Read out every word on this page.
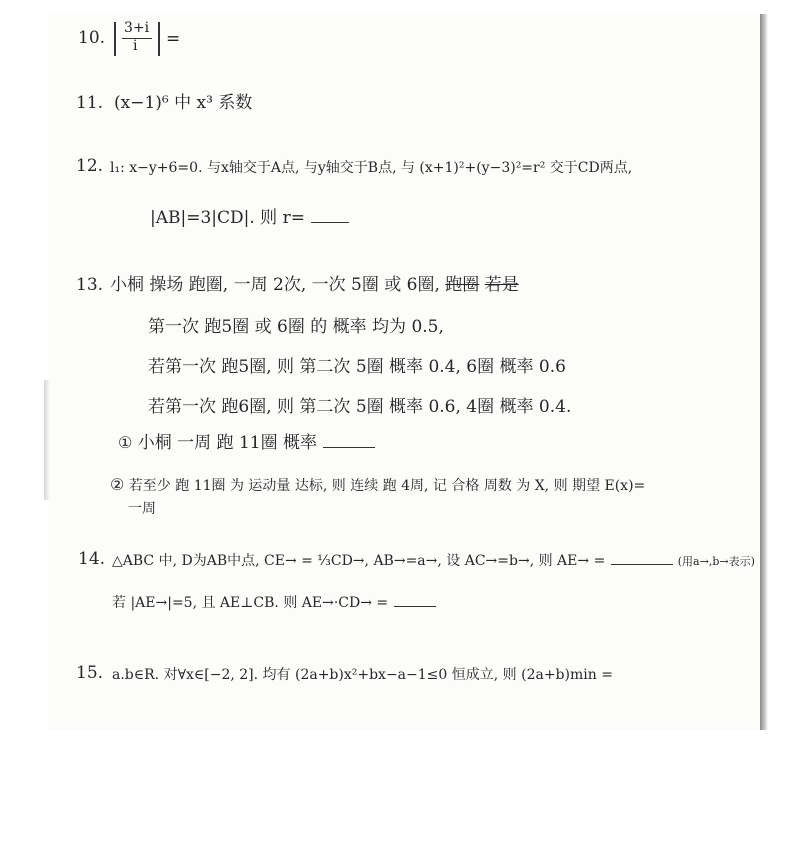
10. 3+i
i =
11. (x−1)⁶ 中 x³ 系数
12. l₁: x−y+6=0. 与x轴交于A点, 与y轴交于B点, 与 (x+1)²+(y−3)²=r² 交于CD两点,
|AB|=3|CD|. 则 r=
13. 小桐 操场 跑圈, 一周 2次, 一次 5圈 或 6圈, 跑圈 若是
第一次 跑5圈 或 6圈 的 概率 均为 0.5,
若第一次 跑5圈, 则 第二次 5圈 概率 0.4, 6圈 概率 0.6
若第一次 跑6圈, 则 第二次 5圈 概率 0.6, 4圈 概率 0.4.
① 小桐 一周 跑 11圈 概率
② 若至少 跑 11圈 为 运动量 达标, 则 连续 跑 4周, 记 合格 周数 为 X, 则 期望 E(x)=
一周
14. △ABC 中, D为AB中点, CE→ = ⅓CD→, AB→=a→, 设 AC→=b→, 则 AE→ =	(用a→,b→表示)
若 |AE→|=5, 且 AE⊥CB. 则 AE→·CD→ =
15. a.b∈R. 对∀x∈[−2, 2]. 均有 (2a+b)x²+bx−a−1≤0 恒成立, 则 (2a+b)min =
